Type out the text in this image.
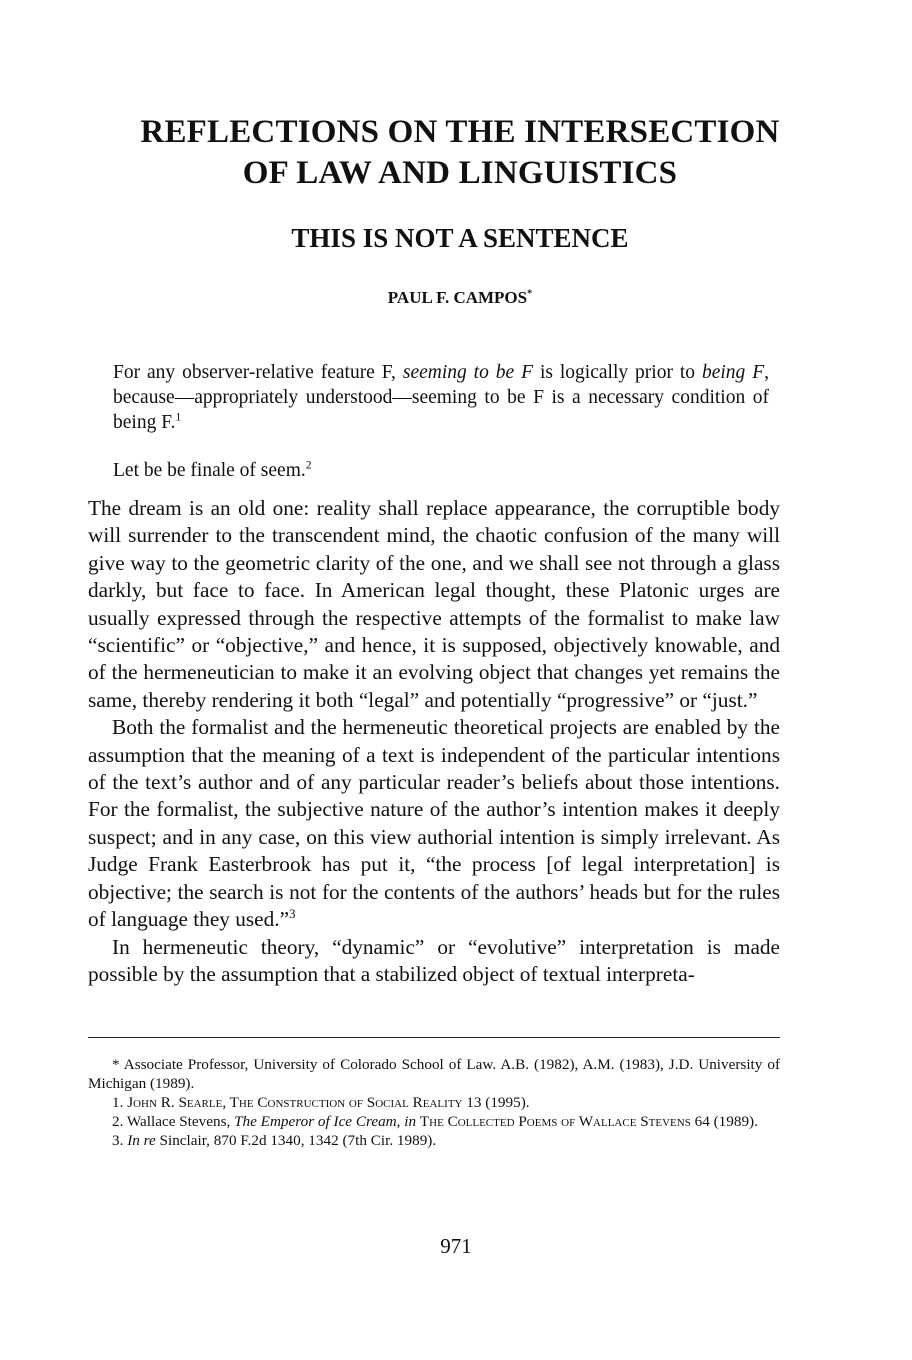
REFLECTIONS ON THE INTERSECTION
OF LAW AND LINGUISTICS
THIS IS NOT A SENTENCE
PAUL F. CAMPOS*
For any observer-relative feature F, seeming to be F is logically prior to being F, because—appropriately understood—seeming to be F is a necessary condition of being F.$^1$
Let be be finale of seem.$^2$

The dream is an old one: reality shall replace appearance, the corruptible body will surrender to the transcendent mind, the chaotic confusion of the many will give way to the geometric clarity of the one, and we shall see not through a glass darkly, but face to face. In American legal thought, these Platonic urges are usually expressed through the respective attempts of the formalist to make law “scientific” or “objective,” and hence, it is supposed, objectively knowable, and of the hermeneutician to make it an evolving object that changes yet remains the same, thereby rendering it both “legal” and potentially “progressive” or “just.”

Both the formalist and the hermeneutic theoretical projects are enabled by the assumption that the meaning of a text is independent of the particular intentions of the text’s author and of any particular reader’s beliefs about those intentions. For the formalist, the subjective nature of the author’s intention makes it deeply suspect; and in any case, on this view authorial intention is simply irrelevant. As Judge Frank Easterbrook has put it, “the process [of legal interpretation] is objective; the search is not for the contents of the authors’ heads but for the rules of language they used.”$^3$

In hermeneutic theory, “dynamic” or “evolutive” interpretation is made possible by the assumption that a stabilized object of textual interpreta-

* Associate Professor, University of Colorado School of Law. A.B. (1982), A.M. (1983), J.D. University of Michigan (1989).

1. John R. Searle, The Construction of Social Reality 13 (1995).

2. Wallace Stevens, The Emperor of Ice Cream, in The Collected Poems of Wallace Stevens 64 (1989).

3. In re Sinclair, 870 F.2d 1340, 1342 (7th Cir. 1989).

971
